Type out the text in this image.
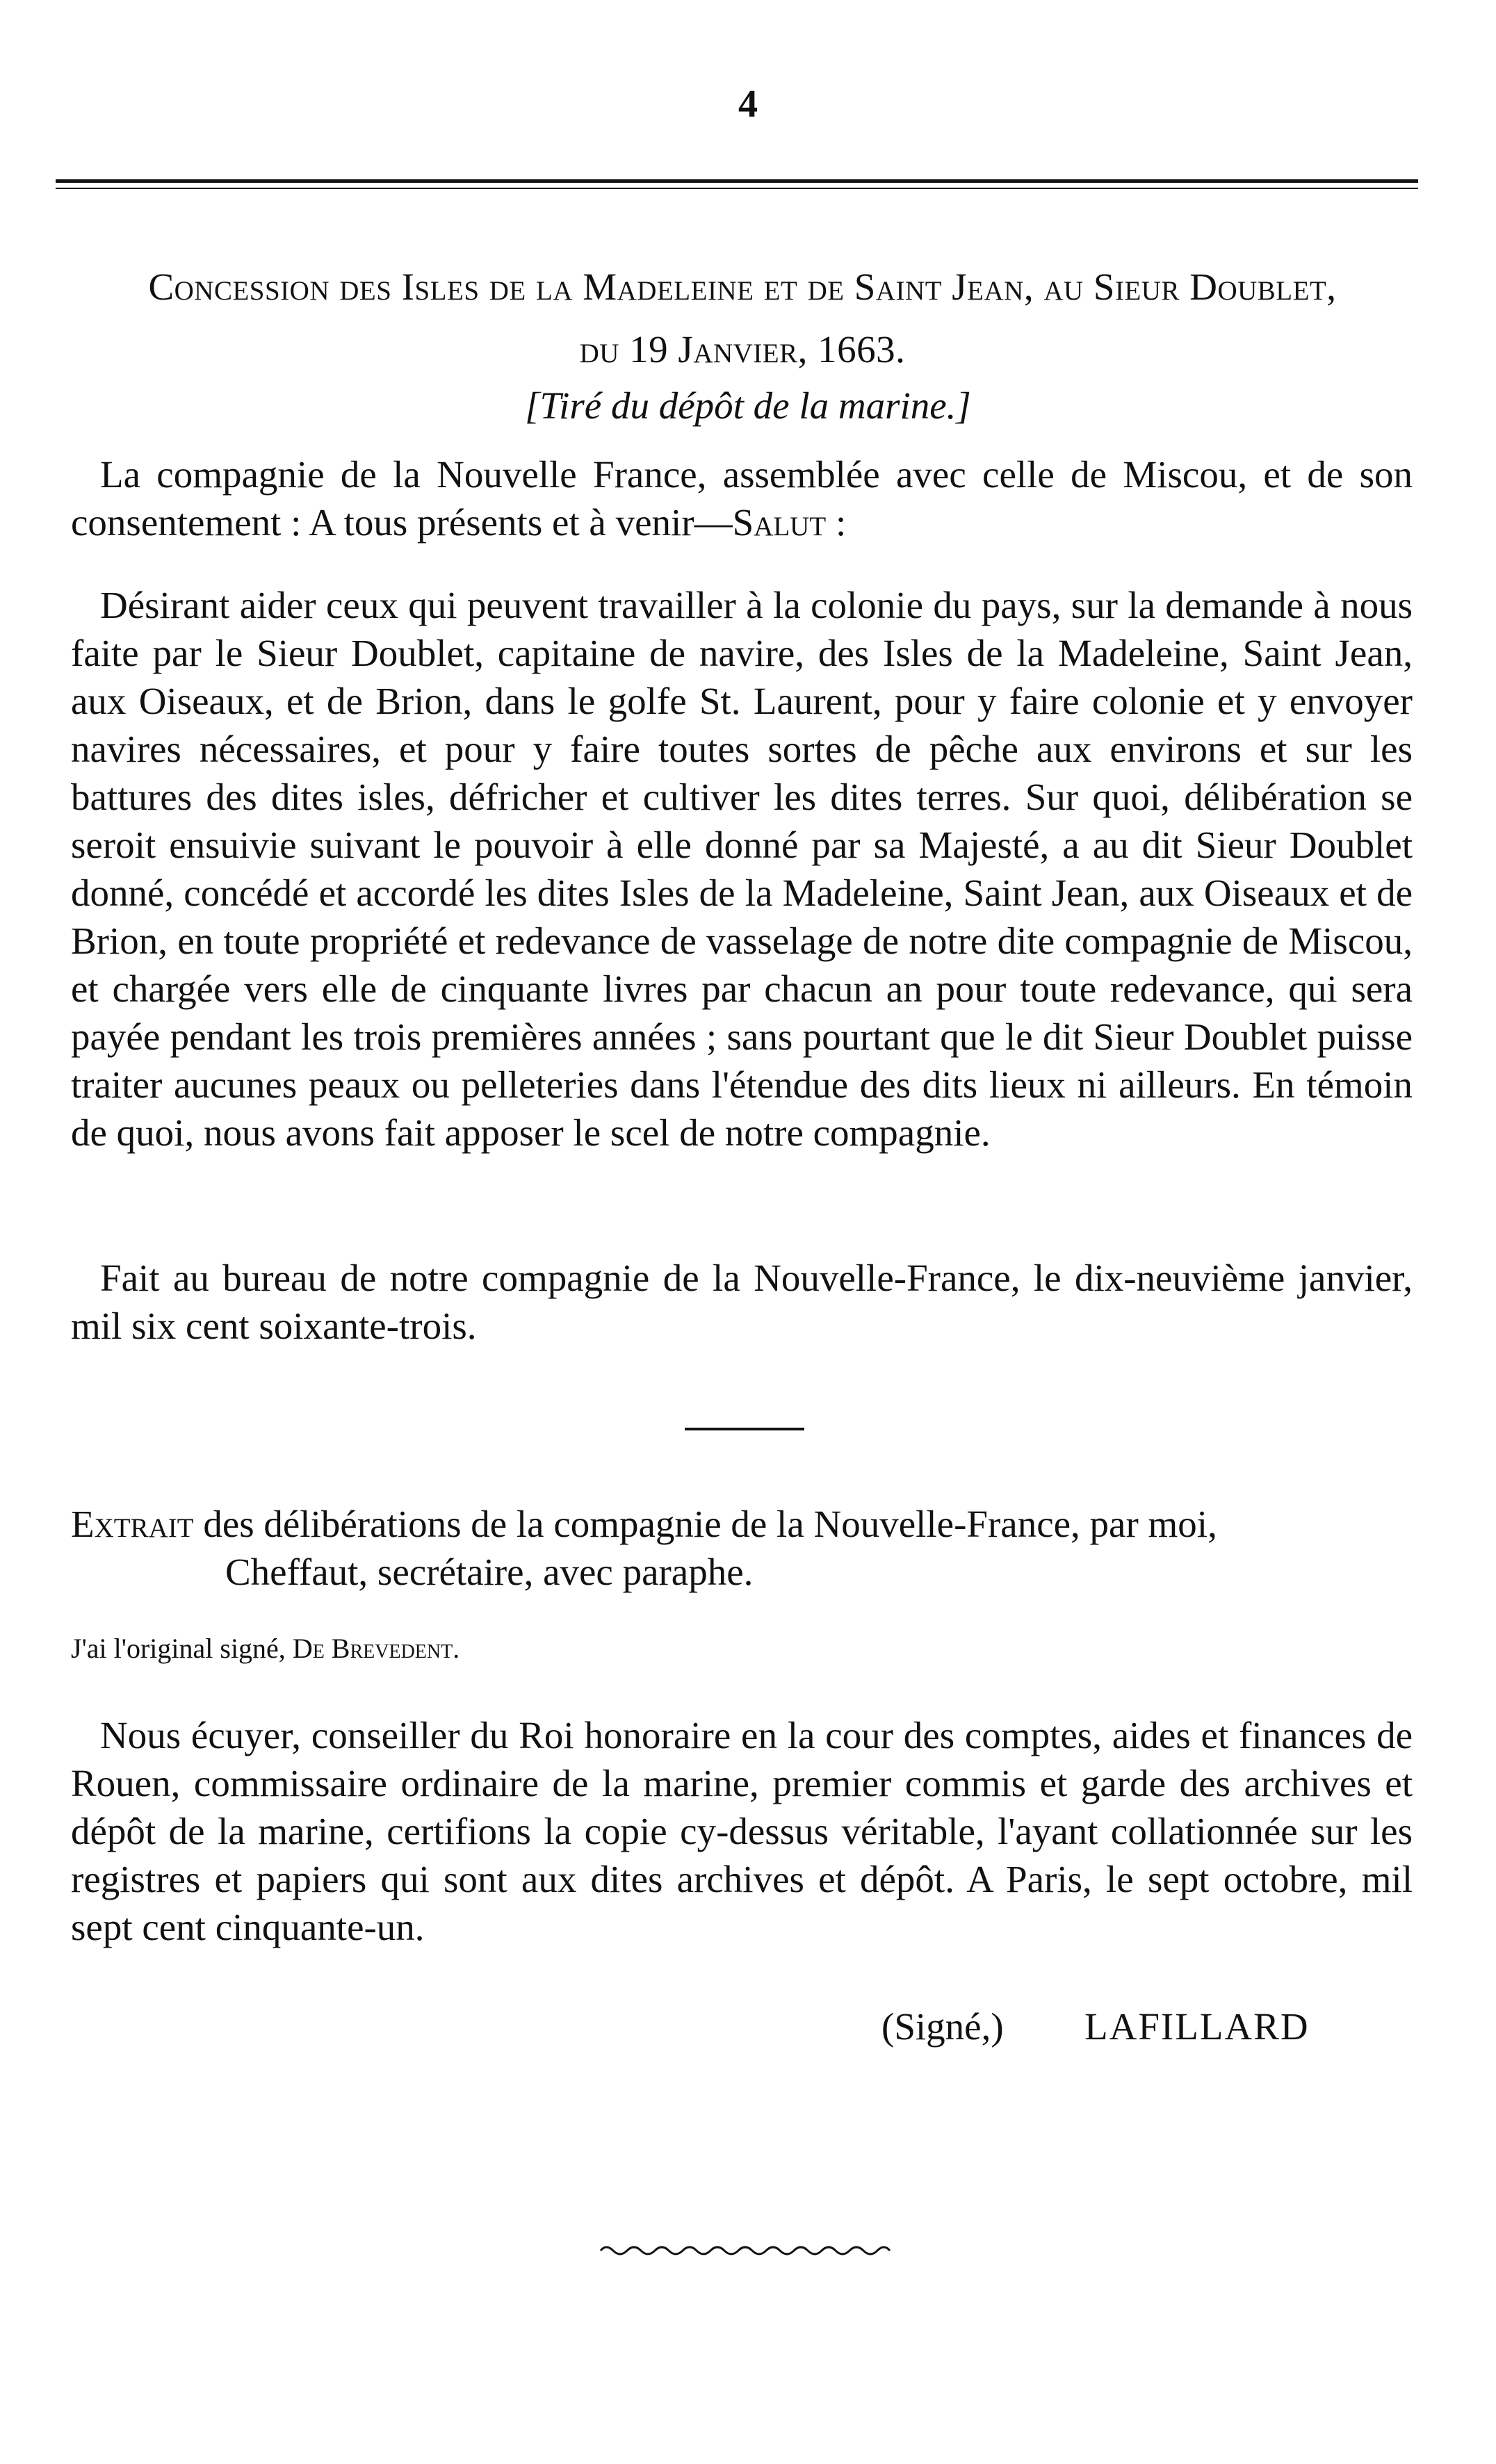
4
Concession des Isles de la Madeleine et de Saint Jean, au Sieur Doublet,
du 19 Janvier, 1663.
[Tiré du dépôt de la marine.]
La compagnie de la Nouvelle France, assemblée avec celle de Miscou, et de son consentement : A tous présents et à venir—Salut :
Désirant aider ceux qui peuvent travailler à la colonie du pays, sur la demande à nous faite par le Sieur Doublet, capitaine de navire, des Isles de la Madeleine, Saint Jean, aux Oiseaux, et de Brion, dans le golfe St. Laurent, pour y faire colonie et y envoyer navires nécessaires, et pour y faire toutes sortes de pêche aux environs et sur les battures des dites isles, défricher et cultiver les dites terres. Sur quoi, délibération se seroit ensuivie suivant le pouvoir à elle donné par sa Majesté, a au dit Sieur Doublet donné, concédé et accordé les dites Isles de la Madeleine, Saint Jean, aux Oiseaux et de Brion, en toute propriété et redevance de vasselage de notre dite compagnie de Miscou, et chargée vers elle de cinquante livres par chacun an pour toute redevance, qui sera payée pendant les trois premières années ; sans pourtant que le dit Sieur Doublet puisse traiter aucunes peaux ou pelleteries dans l'étendue des dits lieux ni ailleurs. En témoin de quoi, nous avons fait apposer le scel de notre compagnie.
Fait au bureau de notre compagnie de la Nouvelle-France, le dix-neuvième janvier, mil six cent soixante-trois.
Extrait des délibérations de la compagnie de la Nouvelle-France, par moi,
Cheffaut, secrétaire, avec paraphe.
J'ai l'original signé, De Brevedent.
Nous écuyer, conseiller du Roi honoraire en la cour des comptes, aides et finances de Rouen, commissaire ordinaire de la marine, premier commis et garde des archives et dépôt de la marine, certifions la copie cy-dessus véritable, l'ayant collationnée sur les registres et papiers qui sont aux dites archives et dépôt. A Paris, le sept octobre, mil sept cent cinquante-un.
(Signé,) LAFILLARD
